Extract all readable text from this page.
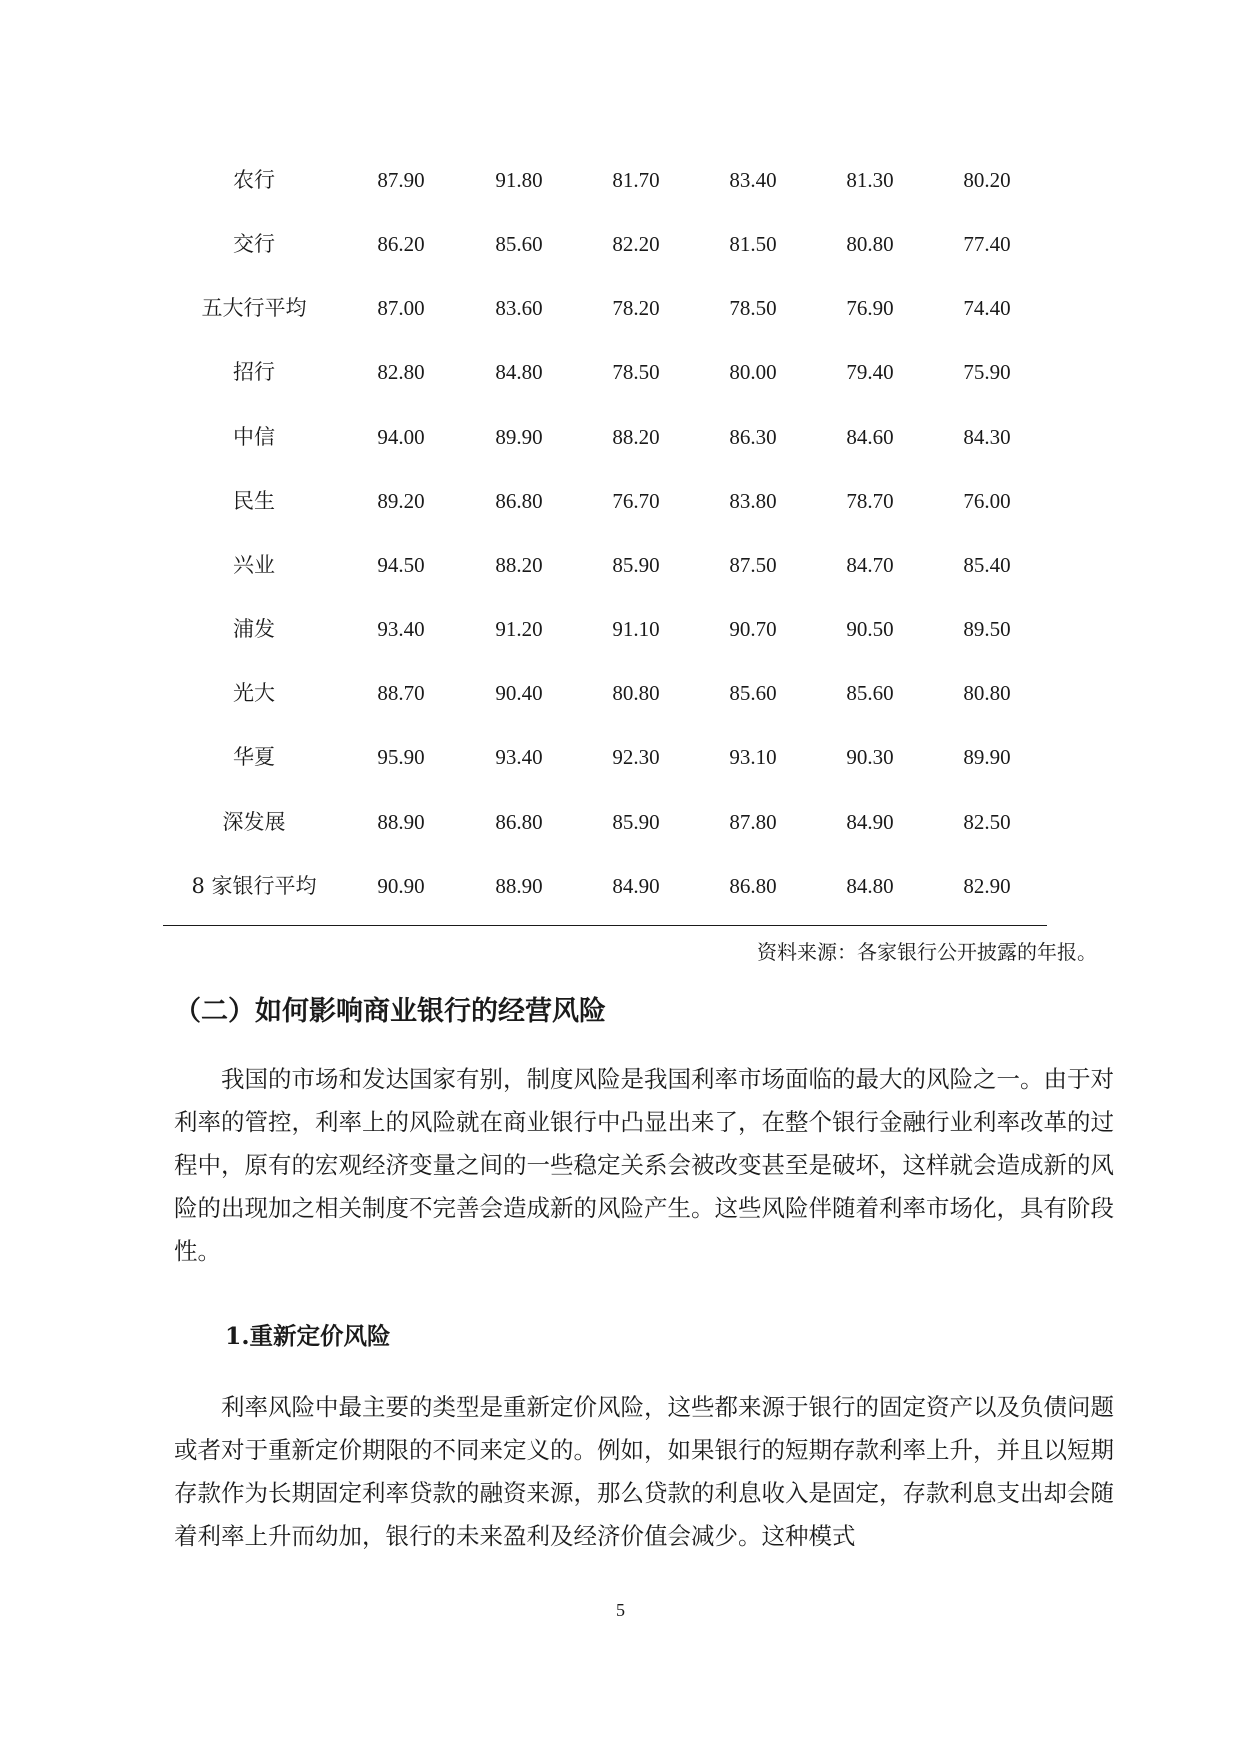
农行	87.90	91.80	81.70	83.40	81.30	80.20
交行	86.20	85.60	82.20	81.50	80.80	77.40
五大行平均	87.00	83.60	78.20	78.50	76.90	74.40
招行	82.80	84.80	78.50	80.00	79.40	75.90
中信	94.00	89.90	88.20	86.30	84.60	84.30
民生	89.20	86.80	76.70	83.80	78.70	76.00
兴业	94.50	88.20	85.90	87.50	84.70	85.40
浦发	93.40	91.20	91.10	90.70	90.50	89.50
光大	88.70	90.40	80.80	85.60	85.60	80.80
华夏	95.90	93.40	92.30	93.10	90.30	89.90
深发展	88.90	86.80	85.90	87.80	84.90	82.50
8 家银行平均	90.90	88.90	84.90	86.80	84.80	82.90
资料来源：各家银行公开披露的年报。
（二）如何影响商业银行的经营风险

我国的市场和发达国家有别，制度风险是我国利率市场面临的最大的风险之一。由于对利率的管控，利率上的风险就在商业银行中凸显出来了，在整个银行金融行业利率改革的过程中，原有的宏观经济变量之间的一些稳定关系会被改变甚至是破坏，这样就会造成新的风险的出现加之相关制度不完善会造成新的风险产生。这些风险伴随着利率市场化，具有阶段性。

1.重新定价风险

利率风险中最主要的类型是重新定价风险，这些都来源于银行的固定资产以及负债问题或者对于重新定价期限的不同来定义的。例如，如果银行的短期存款利率上升，并且以短期存款作为长期固定利率贷款的融资来源，那么贷款的利息收入是固定，存款利息支出却会随着利率上升而幼加，银行的未来盈利及经济价值会减少。这种模式

5
